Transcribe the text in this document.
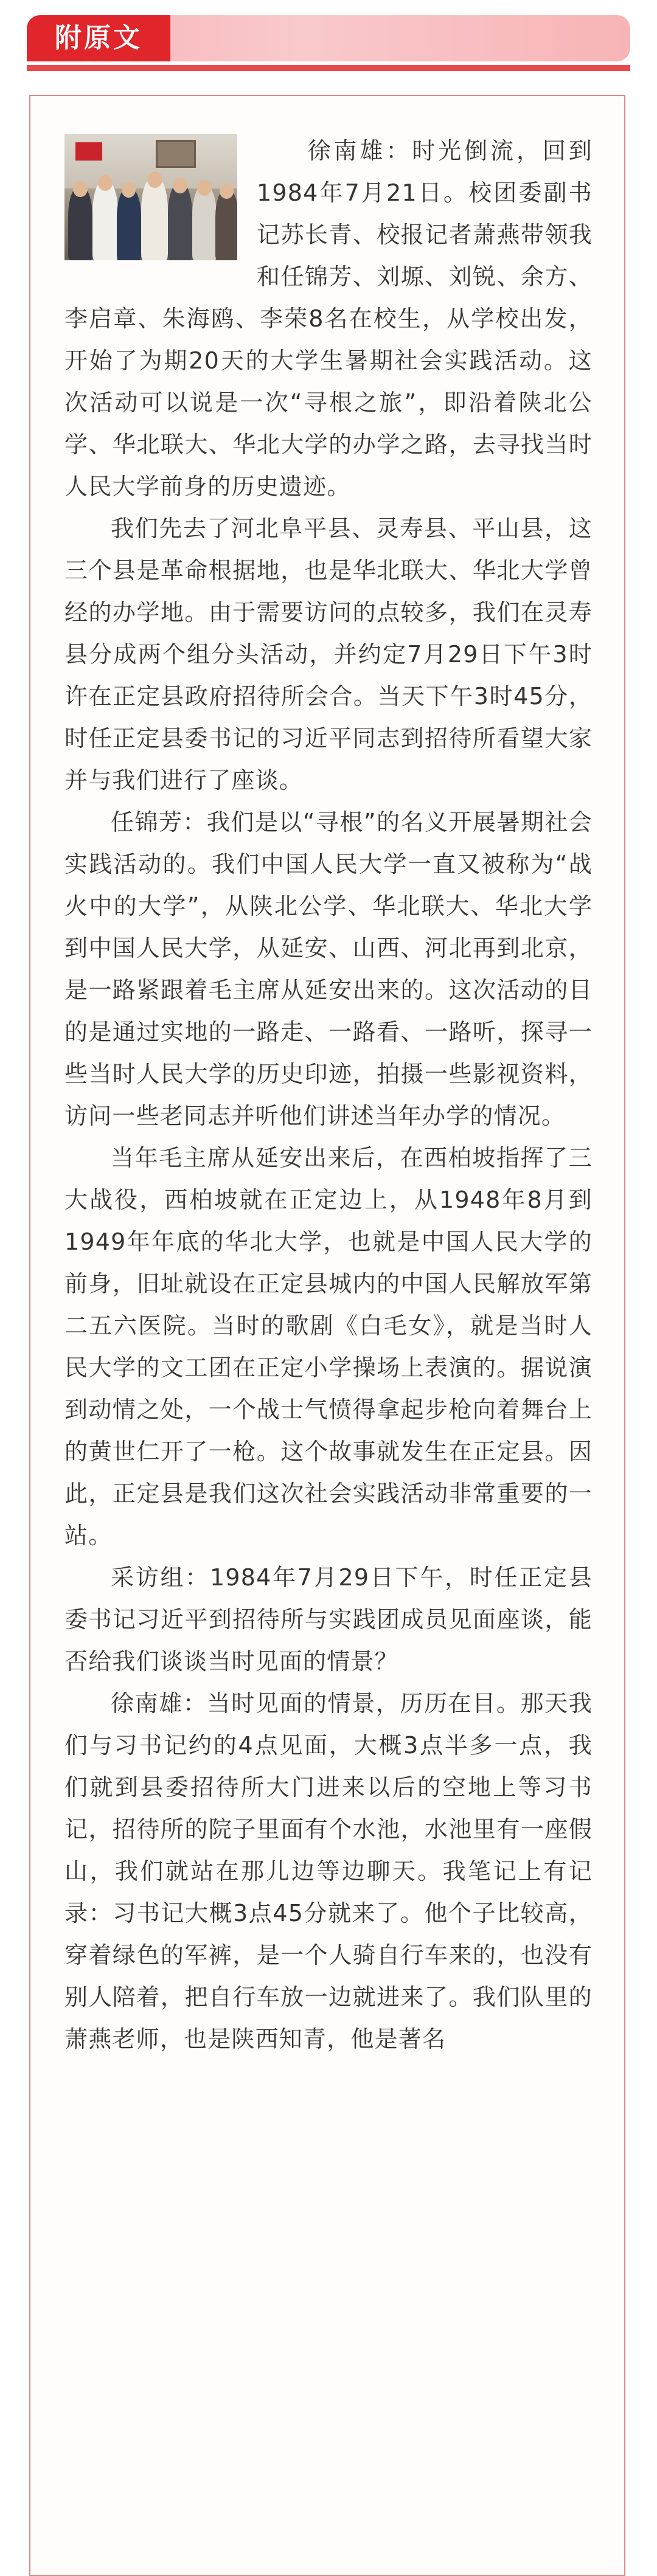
附原文

徐南雄：时光倒流，回到1984年7月21日。校团委副书记苏长青、校报记者萧燕带领我和任锦芳、刘塬、刘锐、余方、李启章、朱海鸥、李荣8名在校生，从学校出发，开始了为期20天的大学生暑期社会实践活动。这次活动可以说是一次“寻根之旅”，即沿着陕北公学、华北联大、华北大学的办学之路，去寻找当时人民大学前身的历史遗迹。

我们先去了河北阜平县、灵寿县、平山县，这三个县是革命根据地，也是华北联大、华北大学曾经的办学地。由于需要访问的点较多，我们在灵寿县分成两个组分头活动，并约定7月29日下午3时许在正定县政府招待所会合。当天下午3时45分，时任正定县委书记的习近平同志到招待所看望大家并与我们进行了座谈。

任锦芳：我们是以“寻根”的名义开展暑期社会实践活动的。我们中国人民大学一直又被称为“战火中的大学”，从陕北公学、华北联大、华北大学到中国人民大学，从延安、山西、河北再到北京，是一路紧跟着毛主席从延安出来的。这次活动的目的是通过实地的一路走、一路看、一路听，探寻一些当时人民大学的历史印迹，拍摄一些影视资料，访问一些老同志并听他们讲述当年办学的情况。

当年毛主席从延安出来后，在西柏坡指挥了三大战役，西柏坡就在正定边上，从1948年8月到1949年年底的华北大学，也就是中国人民大学的前身，旧址就设在正定县城内的中国人民解放军第二五六医院。当时的歌剧《白毛女》，就是当时人民大学的文工团在正定小学操场上表演的。据说演到动情之处，一个战士气愤得拿起步枪向着舞台上的黄世仁开了一枪。这个故事就发生在正定县。因此，正定县是我们这次社会实践活动非常重要的一站。

采访组：1984年7月29日下午，时任正定县委书记习近平到招待所与实践团成员见面座谈，能否给我们谈谈当时见面的情景？

徐南雄：当时见面的情景，历历在目。那天我们与习书记约的4点见面，大概3点半多一点，我们就到县委招待所大门进来以后的空地上等习书记，招待所的院子里面有个水池，水池里有一座假山，我们就站在那儿边等边聊天。我笔记上有记录：习书记大概3点45分就来了。他个子比较高，穿着绿色的军裤，是一个人骑自行车来的，也没有别人陪着，把自行车放一边就进来了。我们队里的萧燕老师，也是陕西知青，他是著名
